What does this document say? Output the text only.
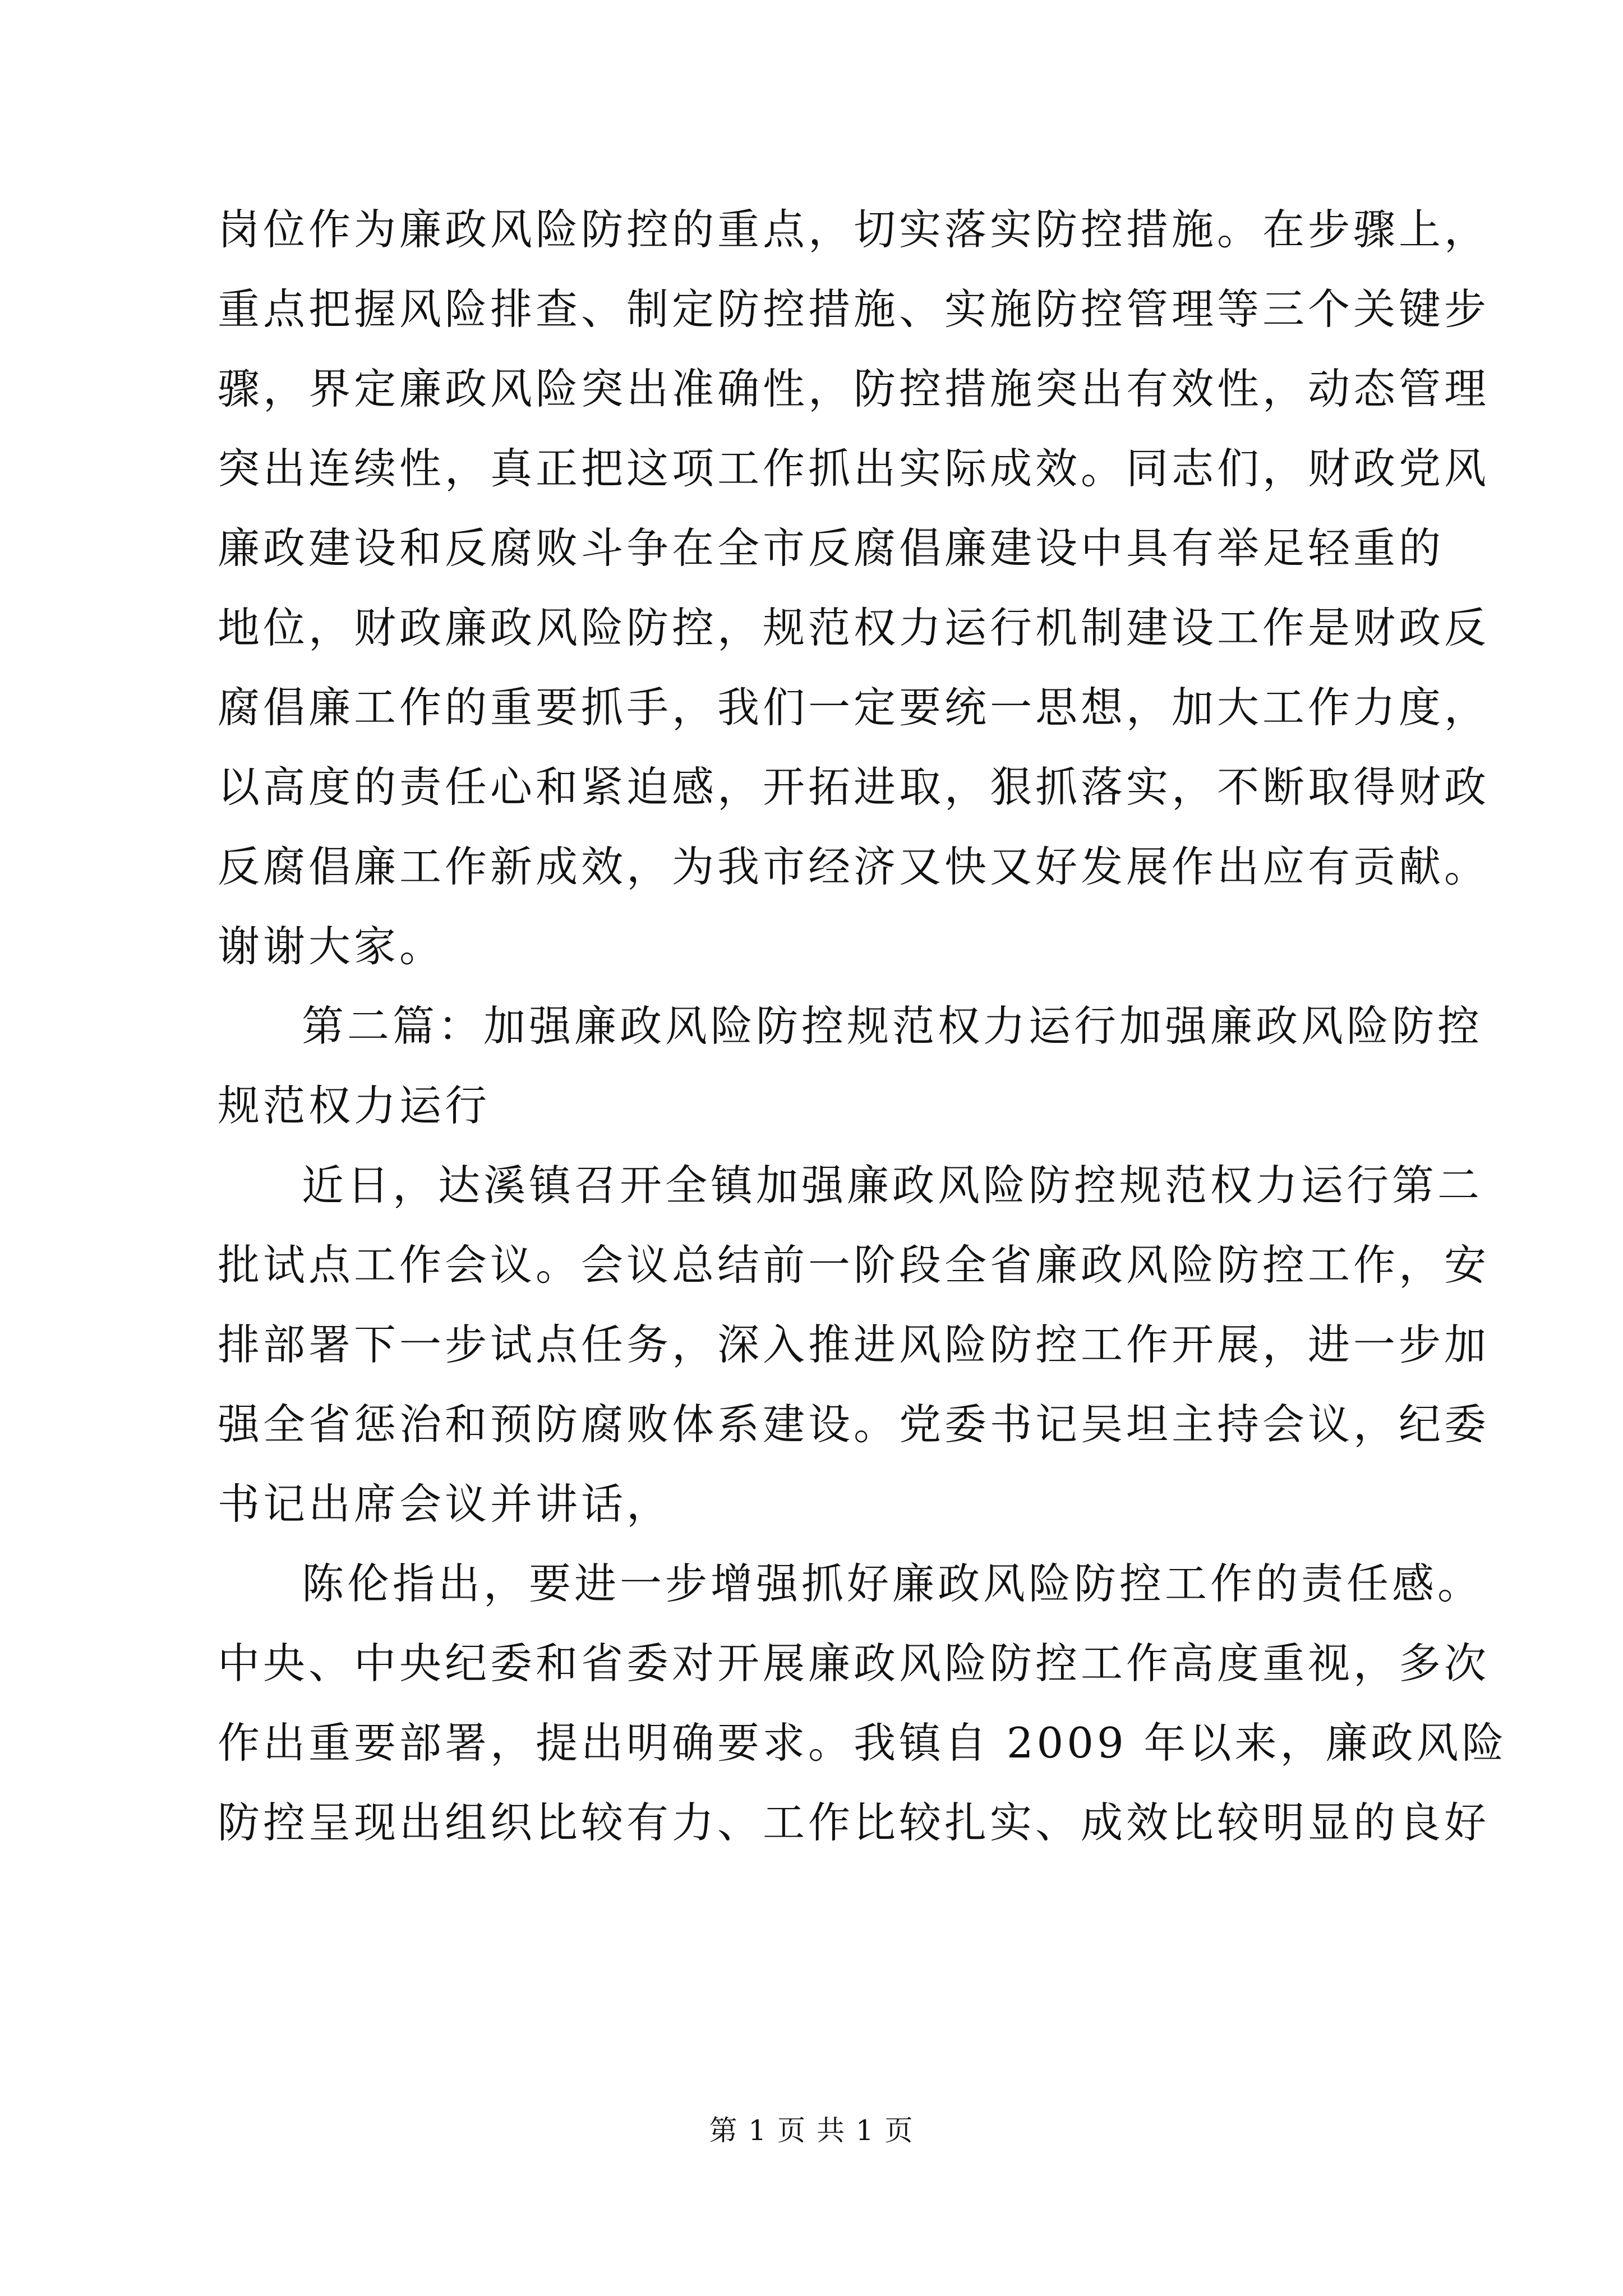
岗位作为廉政风险防控的重点，切实落实防控措施。在步骤上，
重点把握风险排查、制定防控措施、实施防控管理等三个关键步
骤，界定廉政风险突出准确性，防控措施突出有效性，动态管理
突出连续性，真正把这项工作抓出实际成效。同志们，财政党风
廉政建设和反腐败斗争在全市反腐倡廉建设中具有举足轻重的
地位，财政廉政风险防控，规范权力运行机制建设工作是财政反
腐倡廉工作的重要抓手，我们一定要统一思想，加大工作力度，
以高度的责任心和紧迫感，开拓进取，狠抓落实，不断取得财政
反腐倡廉工作新成效，为我市经济又快又好发展作出应有贡献。
谢谢大家。
第二篇：加强廉政风险防控规范权力运行加强廉政风险防控
规范权力运行
近日，达溪镇召开全镇加强廉政风险防控规范权力运行第二
批试点工作会议。会议总结前一阶段全省廉政风险防控工作，安
排部署下一步试点任务，深入推进风险防控工作开展，进一步加
强全省惩治和预防腐败体系建设。党委书记吴坦主持会议，纪委
书记出席会议并讲话，
陈伦指出，要进一步增强抓好廉政风险防控工作的责任感。
中央、中央纪委和省委对开展廉政风险防控工作高度重视，多次
作出重要部署，提出明确要求。我镇自 2009 年以来，廉政风险
防控呈现出组织比较有力、工作比较扎实、成效比较明显的良好
第 1 页 共 1 页
